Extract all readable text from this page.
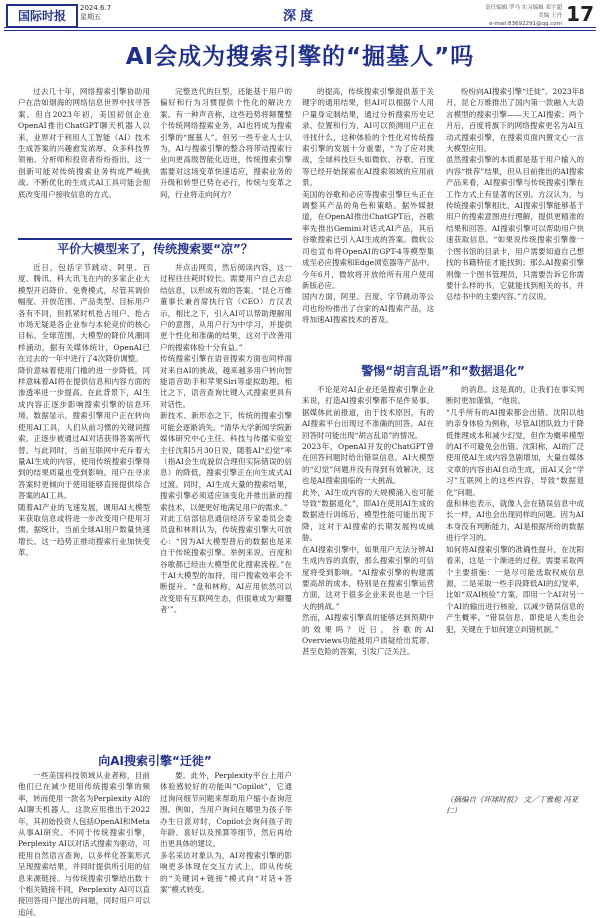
国际时报
2024.6.7
星期五	深度
责任编辑 罗马 实习编辑 邓宇超
美编 王丹
e-mail:83692291@qq.com 17
AI会成为搜索引擎的“掘墓人”吗
过去几十年，网络搜索引擎协助用户在浩如烟海的网络信息世界中找寻答案。但自2023年初，美国初创企业OpenAI推出ChatGPT聊天机器人以来，业界对于利用人工智能（AI）技术生成答案的兴趣愈发浓厚。众多科技界领袖、分析师和投资者纷纷指出，这一创新可能对传统搜索业务构成严峻挑战。不断优化的生成式AI工具可能会彻底改变用户接收信息的方式。
完整迭代的巨型，还能基于用户的偏好和行为习惯提供个性化的解决方案。有一种声音称，这些趋势将颠覆整个传统网络搜索业务，AI也将成为搜索引擎的“掘墓人”。但另一些专业人士认为，AI与搜索引擎的整合将带动搜索行业向更高级智能化迈进，传统搜索引擎需要对这场变革快速适应，搜索业务的升级和转型已势在必行，传统与变革之间，行业将走向何方？
平价大模型来了，传统搜索要“凉”？
近日，包括字节跳动、阿里、百度、腾讯、科大讯飞在内的多家企业大模型开启降价、免费模式，尽管其调价幅度、开放范围、产品类型、目标用户各有不同，但抓紧时机抢占用户、抢占市场无疑是各企业参与本轮竞价的核心目标。全球范围，大模型的降价风潮同样涌动，据有关媒体统计，OpenAI已在过去的一年中进行了4次降价调整。
降价意味着使用门槛的进一步降低，同样意味着AI将在提供信息和内容方面的渗透率进一步提高。在此背景下，AI生成内容正逐步影响搜索引擎的信息环境。数据显示，搜索引擎用户正在转向使用AI工具，人们从前习惯的关键词搜索，正逐步被通过AI对话获得答案所代替。与此同时，当前互联网中充斥着大量AI生成的内容，使用传统搜索引擎得到的结果质量也受到影响。用户在寻求答案时更倾向于使用能够直接提供综合答案的AI工具。
随着AI产业的飞速发展，调用AI大模型来获取信息或将进一步改变用户使用习惯。据统计，当前全球AI用户数量快速增长。这一趋势正推动搜索行业加快变革。
并点击网页，然后阅读内容，这一过程往往耗时较长。需要用户自己去总结信息，以形成有效的答案。“昆仑万维董事长兼首席执行官（CEO）方汉表示，相比之下，引入AI可以帮助理解用户的意图，从用户行为中学习，并提供更个性化和准确的结果，这对于改善用户的搜索体验十分有益。”
传统搜索引擎在语音搜索方面也同样面对来自AI的挑战，越来越多用户转向智能语音助手和苹果Siri等虚拟助理。相比之下，语音查询比键入式搜索更具有对话性。
新技术、新形态之下，传统的搜索引擎可能会逐渐消失。“清华大学新闻学院新媒体研究中心主任、科技与传播实验室主任沈阳5月30日说，随着AI“幻觉”率（指AI会生成貌似合理但实际错误的信息）的降低，搜索引擎正在向生成式AI过渡。同时，AI生成大量的搜索结果，搜索引擎必须适应该变化并推出新的搜索技术，以便更好地满足用户的需求。”
对此工信部信息通信经济专家委员会委员盘和林则认为，传统搜索引擎大可放心：“因为AI大模型普后的数据也是来自于传统搜索引擎。举例来说，百度和谷歌都已经由大模型优化搜索流程。”在于AI大模型的加持，用户搜索效率会不断提升。“盘和林称，AI应用依然可以改变原有互联网生态，但很难成为‘颠覆者’”。
向AI搜索引擎“迁徙”
一些美国科技领域从业者称，目前他们已在减少使用传统搜索引擎的频率，转而使用一款名为Perplexity AI的AI聊天机器人，这款应用推出于2022年，其初始投资人包括OpenAI和Meta从事AI研究。不同于传统搜索引擎，Perplexity AI以对话式搜索为驱动，可使用自然语言查询，以多样化答案形式呈现搜索结果，并同时提供所引用的信息来源链接。与传统搜索引擎给出数十个相关链接不同，Perplexity AI可以直接回答用户提出的问题，同时用户可以追问。
要。此外，Perplexity平台上用户体验感较好的功能叫“Copilot”，它通过询问细节问题来帮助用户缩小查询范围。例如，当用户询问在哪里为孩子举办生日派对时，Copilot会询问孩子的年龄、喜好以及预算等细节，然后再给出更具体的建议。
多名采访对象认为，AI对搜索引擎的影响更多体现在交互方式上，即从传统的“关键词+链接”模式向“对话+答案”模式转变。
的提高，传统搜索引擎提供基于关键字的通用结果，但AI可以根据个人用户量身定制结果，通过分析搜索历史记录、位置和行为，AI可以预测用户正在寻找什么，这种体验的个性化对传统搜索引擎的发展十分重要，“为了应对挑战，全球科技巨头如微软、谷歌、百度等已经开始探索在AI搜索领域的应用前景。
美国的谷歌和必应等搜索引擎巨头正在调整其产品的角色和策略。据外媒报道，在OpenAI推出ChatGPT后，谷歌率先推出Gemini对话式AI产品，其后谷歌搜索已引入AI生成的答案。微软公司也宣布将OpenAI的GPT-4等模型集成至必应搜索和Edge浏览器等产品中。今年6月，微软将开放给所有用户使用新版必应。
国内方面，阿里、百度、字节跳动等公司也纷纷推出了自家的AI搜索产品，这将加速AI搜索技术的普及。
纷纷向AI搜索引擎“迁徙”。2023年8月，昆仑万维推出了国内第一款融入大语言模型的搜索引擎——天工AI搜索；两个月后，百度将旗下的网络搜索更名为AI互动式搜索引擎，在搜索页面内置文心一言大模型应用。
虽然搜索引擎的本质都是基于用户输入的内容“推荐”结果，但从目前推出的AI搜索产品来看，AI搜索引擎与传统搜索引擎在工作方式上有显著的区别。方汉认为，与传统搜索引擎相比，AI搜索引擎能够基于用户的搜索意图进行理解，提供更精准的结果和回答。AI搜索引擎可以帮助用户快速获取信息。“如果说传统搜索引擎像一个图书馆的目录卡，用户需要知道自己想找的书籍特征才能找到；那么AI搜索引擎则像一个图书管理员，只需要告诉它你需要什么样的书，它就能找到相关的书，并总结书中的主要内容。”方汉说。
警惕“胡言乱语”和“数据退化”
不论是对AI企业还是搜索引擎企业来说，打造AI搜索引擎都不是件易事。据媒体此前报道，由于技术原因，有的AI搜索平台出现过不准确的回答。AI在回答时可能出现“胡言乱语”的情况。
2023年，OpenAI开发的ChatGPT曾在回答问题时给出错误信息。AI大模型的“幻觉”问题并没有得到有效解决，这也是AI搜索面临的一大挑战。
此外，AI生成内容的大规模涌入也可能导致“数据退化”，即AI在使用AI生成的数据进行训练后，模型性能可能出现下降，这对于AI搜索的长期发展构成威胁。
在AI搜索引擎中，如果用户无法分辨AI生成内容的真假，那么搜索引擎的可信度将受到影响。“AI搜索引擎的构建需要高昂的成本，特别是在搜索引擎运营方面，这对于很多企业来说也是一个巨大的挑战。”
然而，AI搜索引擎真的能够达到预期中的效果吗？近日，谷歌的AI Overviews功能被用户质疑给出荒谬、甚至危险的答案，引发广泛关注。
的消息。这是真的，让我们在事实判断时更加谨慎，“他说。
“几乎所有的AI搜索都会出错。沈阳以他的亲身体验为例称，尽管AI团队致力于降低推理成本和减少幻觉，但作为概率模型的AI不可避免会出错。沈阳称，AI的广泛使用使AI生成内容急剧增加，大量自媒体文章的内容由AI自动生成，而AI又会“学习”互联网上的这些内容，导致“数据退化”问题。
盘和林也表示，就像人会在错误信息中成长一样，AI也会出现同样的问题。因为AI本身没有判断能力，AI是根据所给的数据进行学习的。
如何将AI搜索引擎的准确性提升，在沈阳看来，这是一个渐进的过程。需要采取两个主要措施：一是尽可能选取权威信息源，二是采取一些手段降低AI的幻觉率，比如“双AI核验”方案，即用一个AI对另一个AI的输出进行核验，以减少错误信息的产生概率。“错误信息，即使是人类也会犯，关键在于如何建立纠错机制。”
（摘编自《环球时报》 文／丁雅栀 冯亚仁）
